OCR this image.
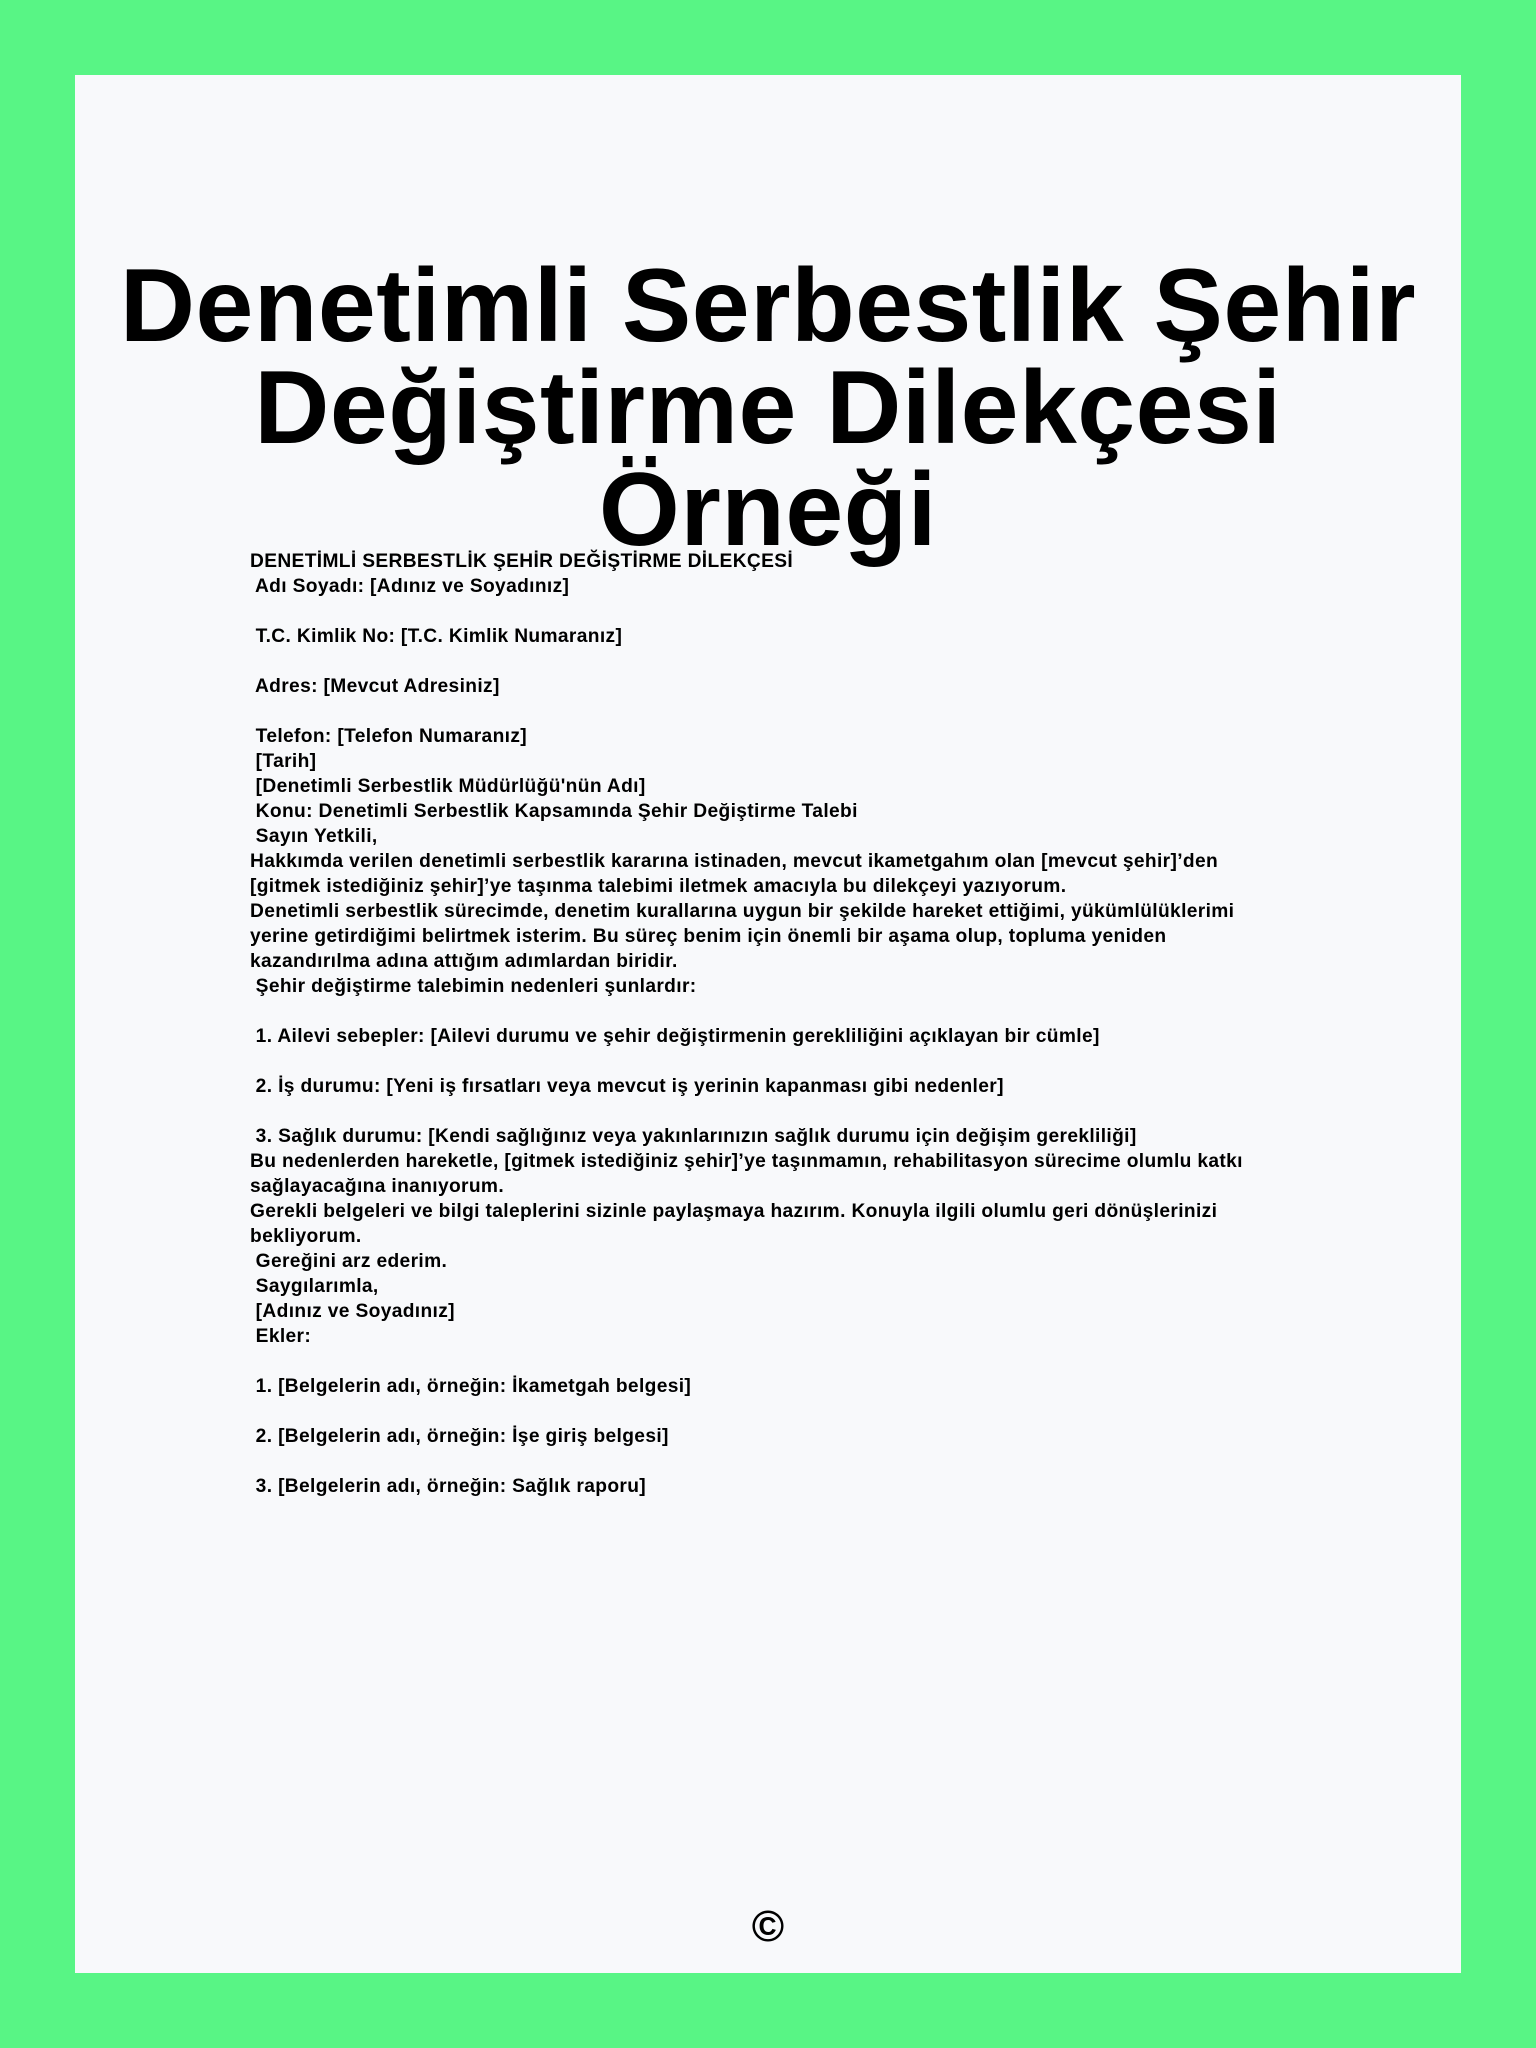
Denetimli Serbestlik Şehir
Değiştirme Dilekçesi Örneği
DENETİMLİ SERBESTLİK ŞEHİR DEĞİŞTİRME DİLEKÇESİ
Adı Soyadı: [Adınız ve Soyadınız]
T.C. Kimlik No: [T.C. Kimlik Numaranız]
Adres: [Mevcut Adresiniz]
Telefon: [Telefon Numaranız]
[Tarih]
[Denetimli Serbestlik Müdürlüğü'nün Adı]
Konu: Denetimli Serbestlik Kapsamında Şehir Değiştirme Talebi
Sayın Yetkili,
Hakkımda verilen denetimli serbestlik kararına istinaden, mevcut ikametgahım olan [mevcut şehir]’den
[gitmek istediğiniz şehir]’ye taşınma talebimi iletmek amacıyla bu dilekçeyi yazıyorum.
Denetimli serbestlik sürecimde, denetim kurallarına uygun bir şekilde hareket ettiğimi, yükümlülüklerimi
yerine getirdiğimi belirtmek isterim. Bu süreç benim için önemli bir aşama olup, topluma yeniden
kazandırılma adına attığım adımlardan biridir.
Şehir değiştirme talebimin nedenleri şunlardır:
1. Ailevi sebepler: [Ailevi durumu ve şehir değiştirmenin gerekliliğini açıklayan bir cümle]
2. İş durumu: [Yeni iş fırsatları veya mevcut iş yerinin kapanması gibi nedenler]
3. Sağlık durumu: [Kendi sağlığınız veya yakınlarınızın sağlık durumu için değişim gerekliliği]
Bu nedenlerden hareketle, [gitmek istediğiniz şehir]’ye taşınmamın, rehabilitasyon sürecime olumlu katkı
sağlayacağına inanıyorum.
Gerekli belgeleri ve bilgi taleplerini sizinle paylaşmaya hazırım. Konuyla ilgili olumlu geri dönüşlerinizi
bekliyorum.
Gereğini arz ederim.
Saygılarımla,
[Adınız ve Soyadınız]
Ekler:
1. [Belgelerin adı, örneğin: İkametgah belgesi]
2. [Belgelerin adı, örneğin: İşe giriş belgesi]
3. [Belgelerin adı, örneğin: Sağlık raporu]
©
